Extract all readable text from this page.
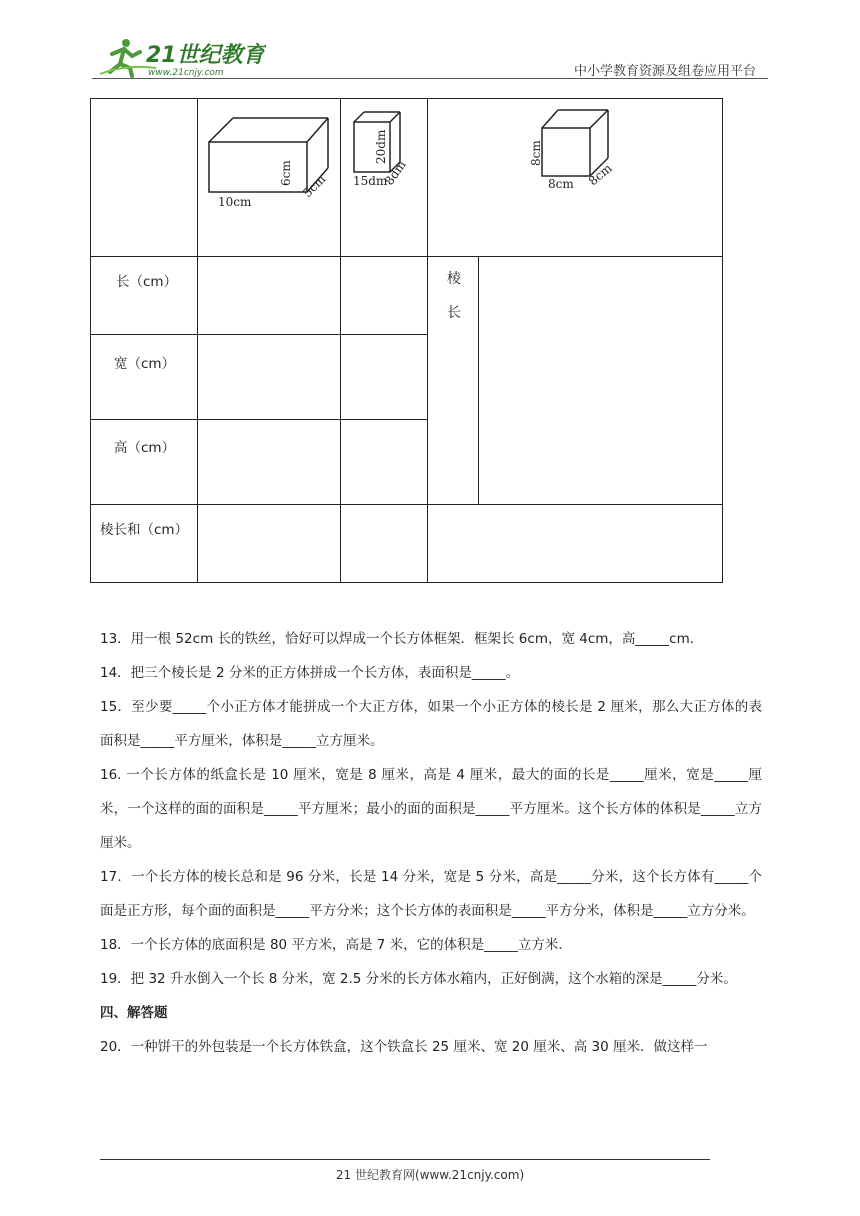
21世纪教育
www.21cnjy.com	中小学教育资源及组卷应用平台
10cm
6cm 5cm 15dm
20dm
8dm	8cm
8cm
8cm
长（cm）
宽（cm）
高（cm）
棱长和（cm）
棱
长

13．用一根 52cm 长的铁丝，恰好可以焊成一个长方体框架．框架长 6cm，宽 4cm，高_____cm．

14．把三个棱长是 2 分米的正方体拼成一个长方体，表面积是_____。

15．至少要_____个小正方体才能拼成一个大正方体，如果一个小正方体的棱长是 2 厘米，那么大正方体的表面积是_____平方厘米，体积是_____立方厘米。

16. 一个长方体的纸盒长是 10 厘米，宽是 8 厘米，高是 4 厘米，最大的面的长是_____厘米，宽是_____厘米，一个这样的面的面积是_____平方厘米；最小的面的面积是_____平方厘米。这个长方体的体积是_____立方厘米。

17．一个长方体的棱长总和是 96 分米，长是 14 分米，宽是 5 分米，高是_____分米，这个长方体有_____个面是正方形，每个面的面积是_____平方分米；这个长方体的表面积是_____平方分米，体积是_____立方分米。

18．一个长方体的底面积是 80 平方米，高是 7 米，它的体积是_____立方米．

19．把 32 升水倒入一个长 8 分米，宽 2.5 分米的长方体水箱内，正好倒满，这个水箱的深是_____分米。

四、解答题

20．一种饼干的外包装是一个长方体铁盒，这个铁盒长 25 厘米、宽 20 厘米、高 30 厘米．做这样一

21 世纪教育网(www.21cnjy.com)
